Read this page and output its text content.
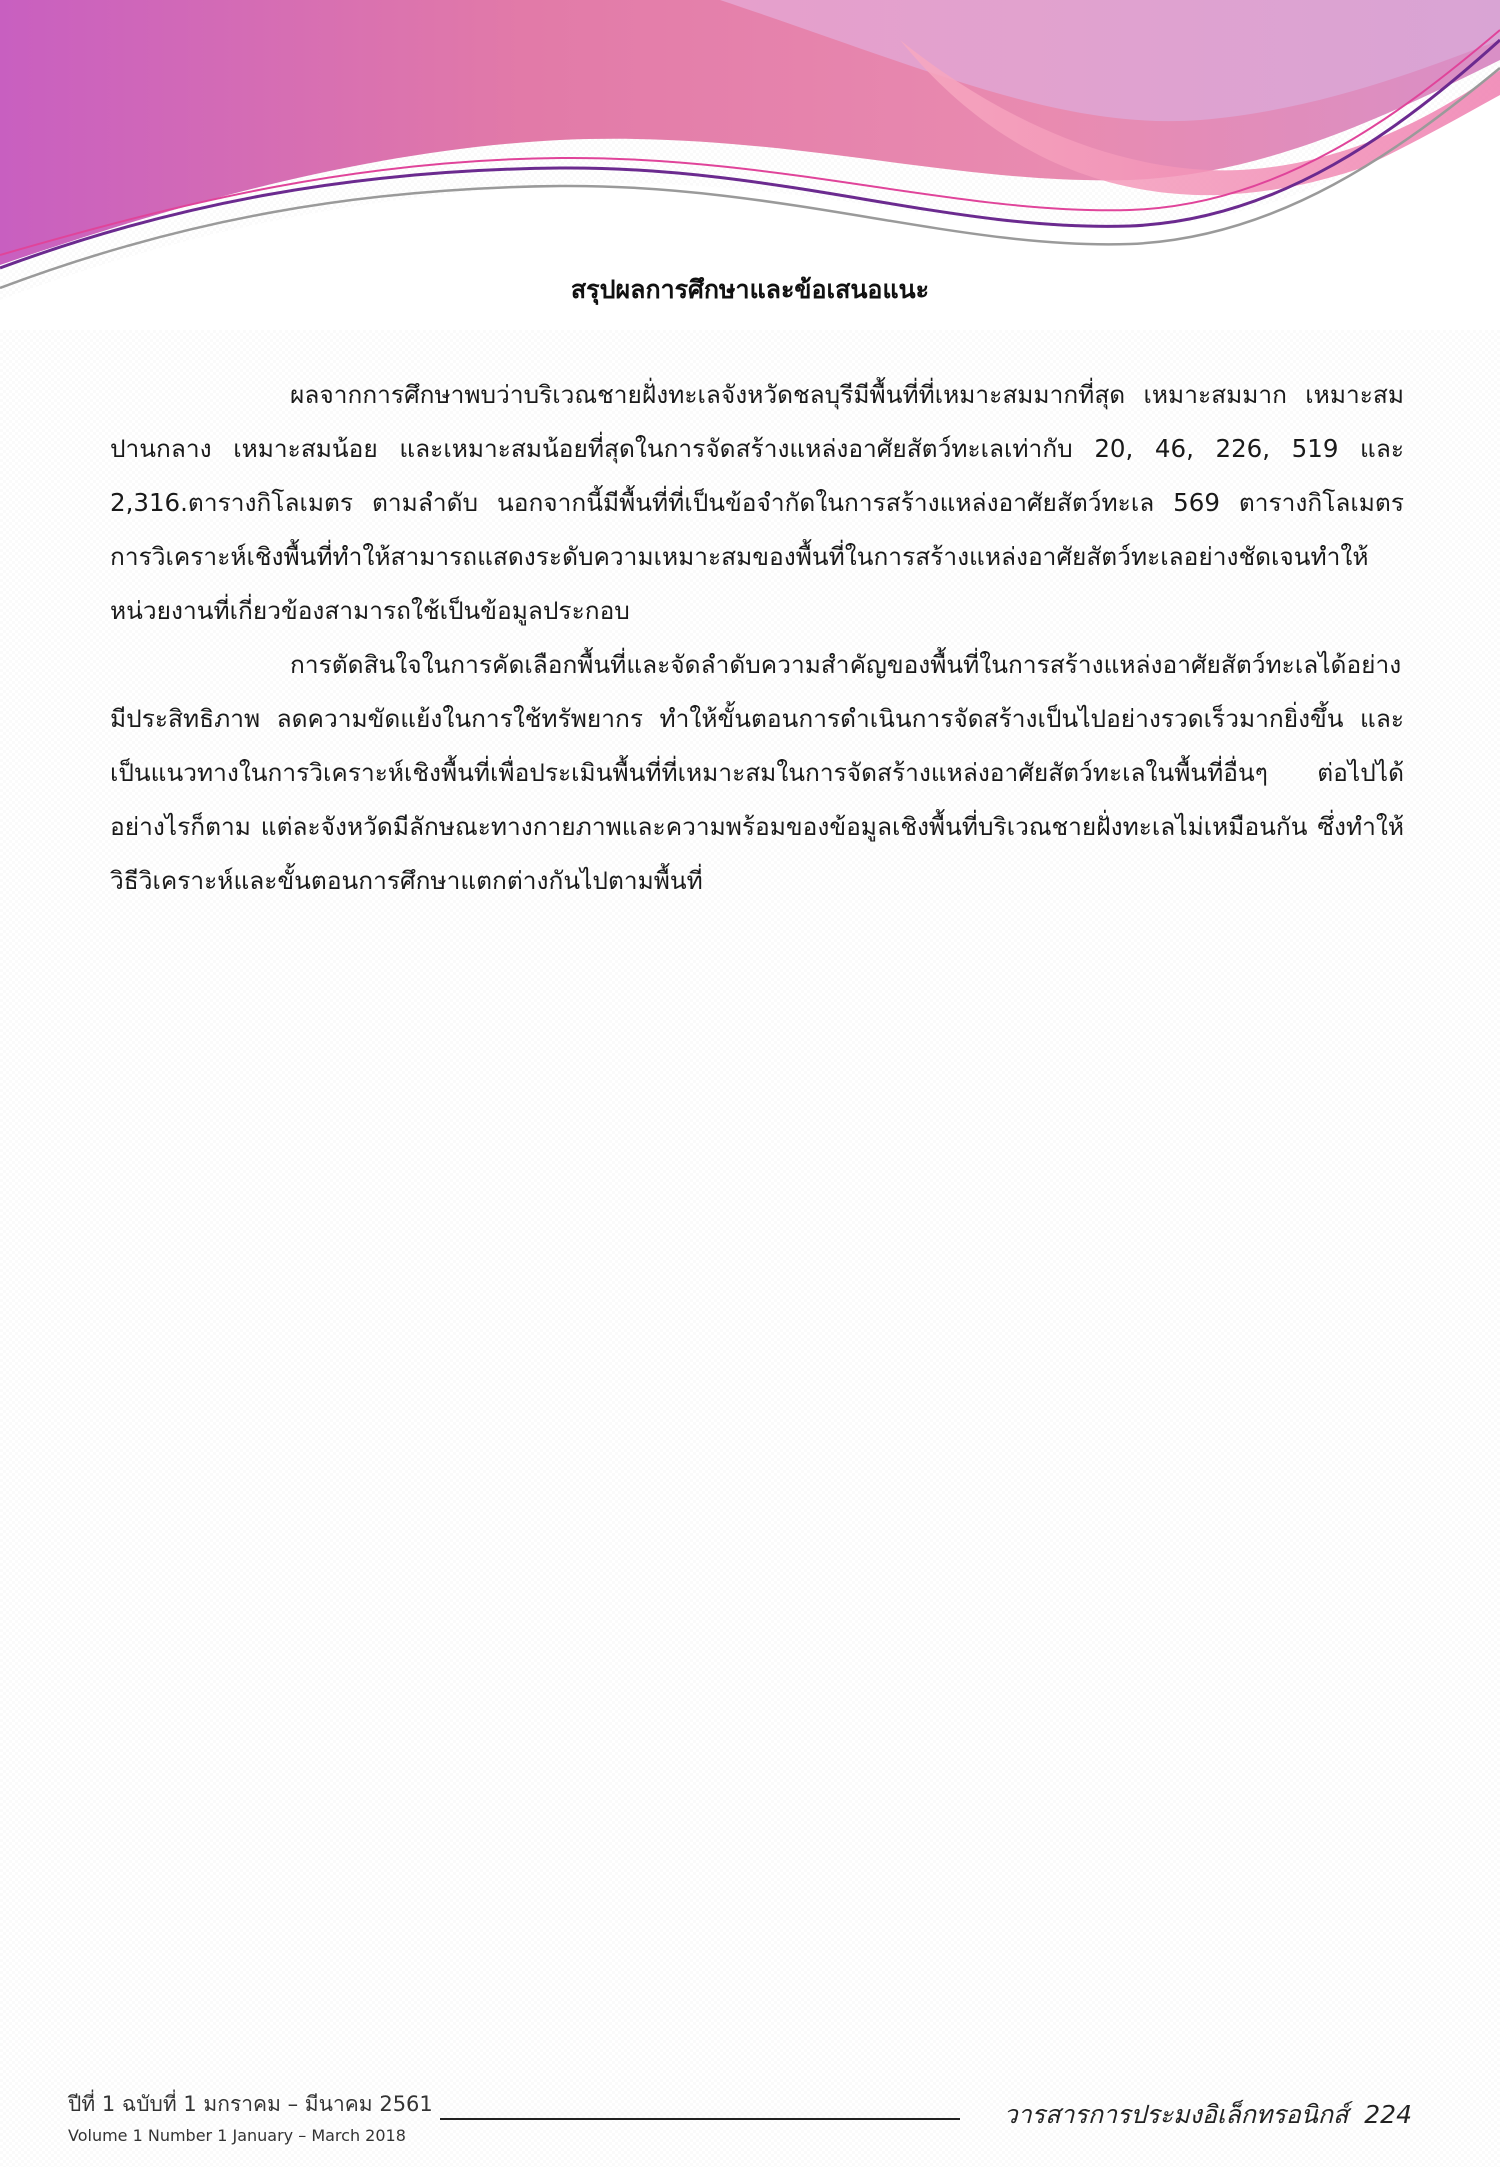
สรุปผลการศึกษาและข้อเสนอแนะ

ผลจากการศึกษาพบว่าบริเวณชายฝั่งทะเลจังหวัดชลบุรีมีพื้นที่ที่เหมาะสมมากที่สุด เหมาะสมมาก เหมาะสมปานกลาง เหมาะสมน้อย และเหมาะสมน้อยที่สุดในการจัดสร้างแหล่งอาศัยสัตว์ทะเลเท่ากับ 20, 46, 226, 519 และ 2,316.ตารางกิโลเมตร ตามลำดับ นอกจากนี้มีพื้นที่ที่เป็นข้อจำกัดในการสร้างแหล่งอาศัยสัตว์ทะเล 569 ตารางกิโลเมตร การวิเคราะห์เชิงพื้นที่ทำให้สามารถแสดงระดับความเหมาะสมของพื้นที่ในการสร้างแหล่งอาศัยสัตว์ทะเลอย่างชัดเจนทำให้หน่วยงานที่เกี่ยวข้องสามารถใช้เป็นข้อมูลประกอบ

การตัดสินใจในการคัดเลือกพื้นที่และจัดลำดับความสำคัญของพื้นที่ในการสร้างแหล่งอาศัยสัตว์ทะเลได้อย่างมีประสิทธิภาพ ลดความขัดแย้งในการใช้ทรัพยากร ทำให้ขั้นตอนการดำเนินการจัดสร้างเป็นไปอย่างรวดเร็วมากยิ่งขึ้น และเป็นแนวทางในการวิเคราะห์เชิงพื้นที่เพื่อประเมินพื้นที่ที่เหมาะสมในการจัดสร้างแหล่งอาศัยสัตว์ทะเลในพื้นที่อื่นๆ ต่อไปได้ อย่างไรก็ตาม แต่ละจังหวัดมีลักษณะทางกายภาพและความพร้อมของข้อมูลเชิงพื้นที่บริเวณชายฝั่งทะเลไม่เหมือนกัน ซึ่งทำให้วิธีวิเคราะห์และขั้นตอนการศึกษาแตกต่างกันไปตามพื้นที่

ปีที่ 1 ฉบับที่ 1 มกราคม – มีนาคม 2561
Volume 1 Number 1 January – March 2018
วารสารการประมงอิเล็กทรอนิกส์ 224
